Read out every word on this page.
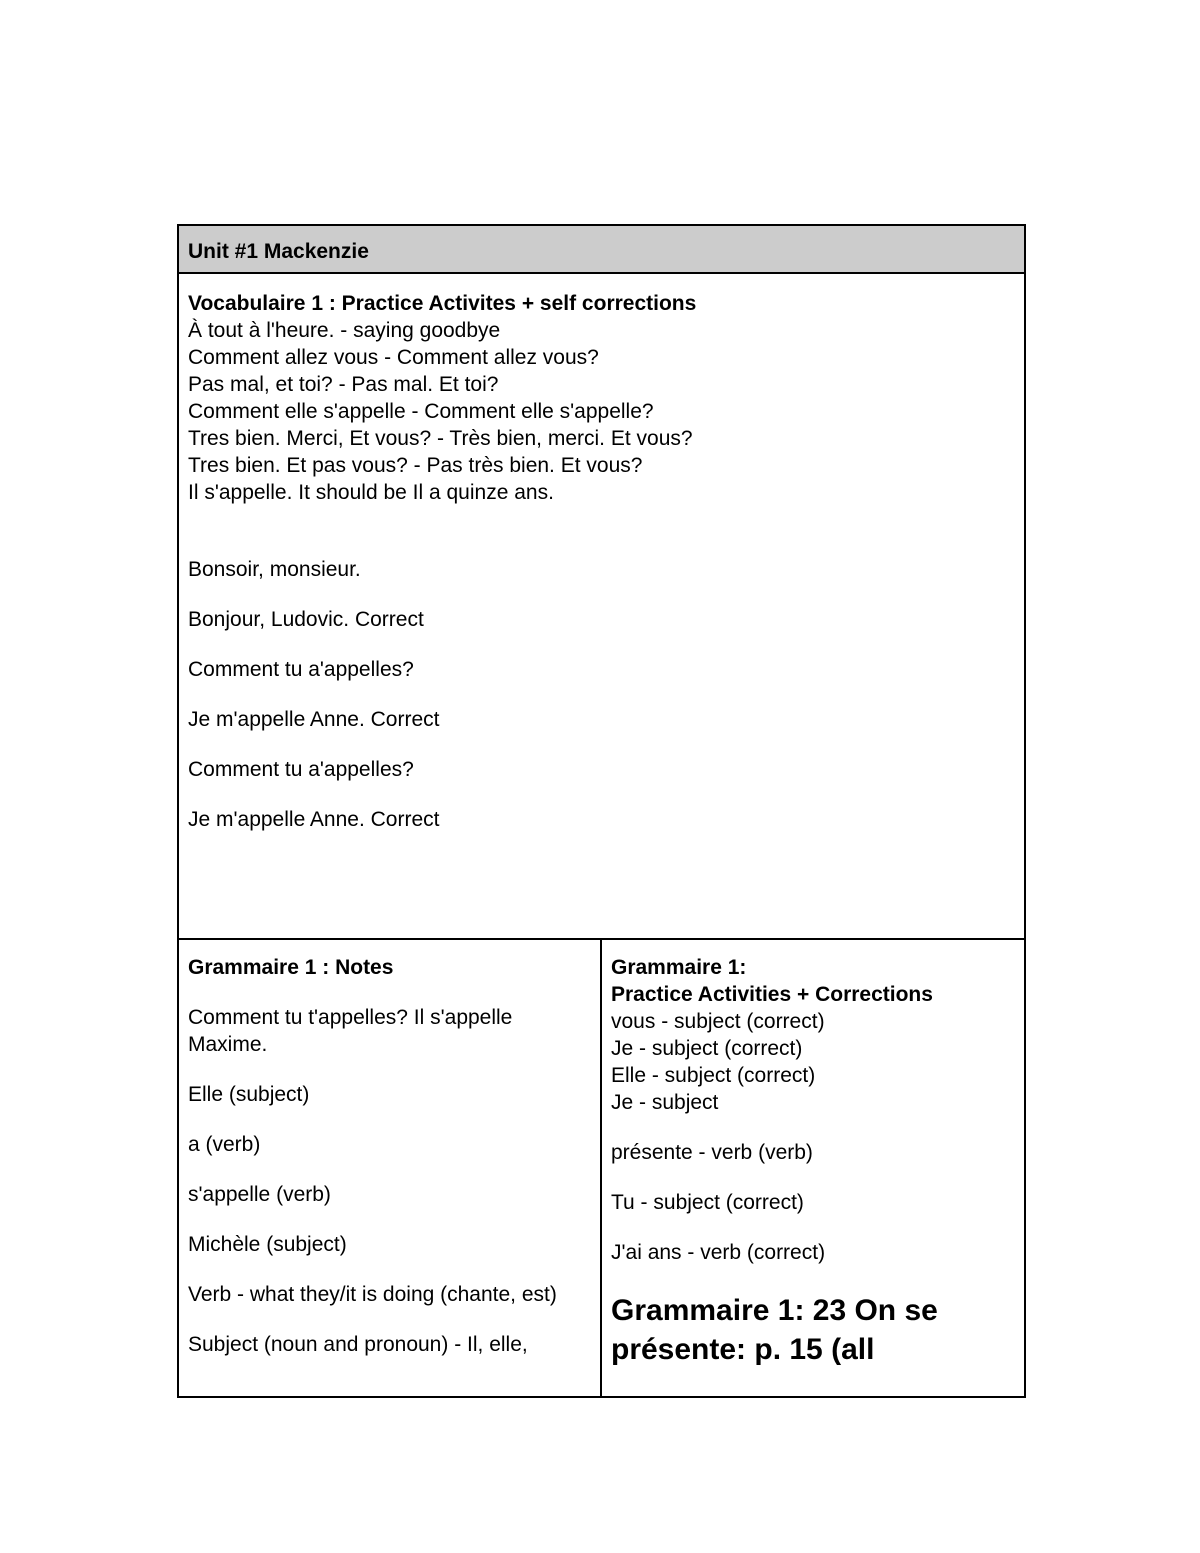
Unit #1 Mackenzie
Vocabulaire 1 : Practice Activites + self corrections
À tout à l'heure. - saying goodbye
Comment allez vous - Comment allez vous?
Pas mal, et toi? - Pas mal. Et toi?
Comment elle s'appelle - Comment elle s'appelle?
Tres bien. Merci, Et vous? - Très bien, merci. Et vous?
Tres bien. Et pas vous? - Pas très bien. Et vous?
Il s'appelle. It should be Il a quinze ans.
Bonsoir, monsieur.
Bonjour, Ludovic. Correct
Comment tu a'appelles?
Je m'appelle Anne. Correct
Comment tu a'appelles?
Je m'appelle Anne. Correct
Grammaire 1 : Notes
Comment tu t'appelles? Il s'appelle Maxime.
Elle (subject)
a (verb)
s'appelle (verb)
Michèle (subject)
Verb - what they/it is doing (chante, est)
Subject (noun and pronoun) - Il, elle,
Grammaire 1:
Practice Activities + Corrections
vous - subject (correct)
Je - subject (correct)
Elle - subject (correct)
Je - subject
présente - verb (verb)
Tu - subject (correct)
J'ai ans - verb (correct)
Grammaire 1: 23 On se
présente: p. 15 (all
